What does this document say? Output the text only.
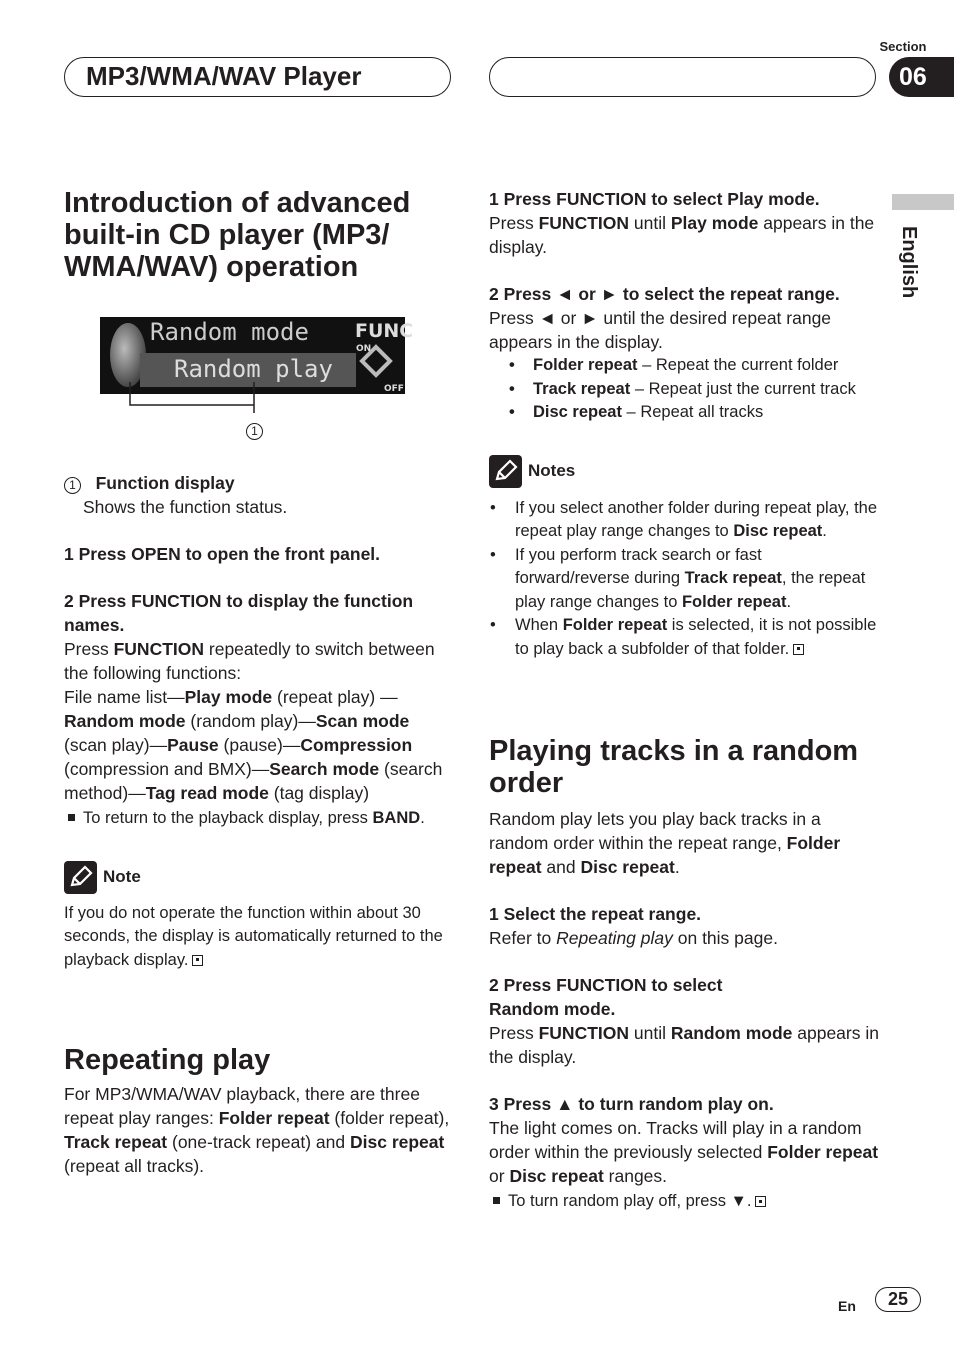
MP3/WMA/WAV Player
Section
06
English
Introduction of advanced built-in CD player (MP3/ WMA/WAV) operation
Random mode
Random play
FUNC
ON
OFF
1

1 Function display

Shows the function status.

1 Press OPEN to open the front panel.

2 Press FUNCTION to display the function names.

Press FUNCTION repeatedly to switch between the following functions:

File name list—Play mode (repeat play) —Random mode (random play)—Scan mode (scan play)—Pause (pause)—Compression (compression and BMX)—Search mode (search method)—Tag read mode (tag display)

To return to the playback display, press BAND.

Note

If you do not operate the function within about 30 seconds, the display is automatically returned to the playback display.

Repeating play

For MP3/WMA/WAV playback, there are three repeat play ranges: Folder repeat (folder repeat), Track repeat (one-track repeat) and Disc repeat (repeat all tracks).

1 Press FUNCTION to select Play mode.

Press FUNCTION until Play mode appears in the display.

2 Press ◄ or ► to select the repeat range.

Press ◄ or ► until the desired repeat range appears in the display.

• Folder repeat – Repeat the current folder

• Track repeat – Repeat just the current track

• Disc repeat – Repeat all tracks

Notes

• If you select another folder during repeat play, the repeat play range changes to Disc repeat.

• If you perform track search or fast forward/reverse during Track repeat, the repeat play range changes to Folder repeat.

• When Folder repeat is selected, it is not possible to play back a subfolder of that folder.

Playing tracks in a random order

Random play lets you play back tracks in a random order within the repeat range, Folder repeat and Disc repeat.

1 Select the repeat range.

Refer to Repeating play on this page.

2 Press FUNCTION to select Random mode.

Press FUNCTION until Random mode appears in the display.

3 Press ▲ to turn random play on.

The light comes on. Tracks will play in a random order within the previously selected Folder repeat or Disc repeat ranges.

To turn random play off, press ▼.

En	25
